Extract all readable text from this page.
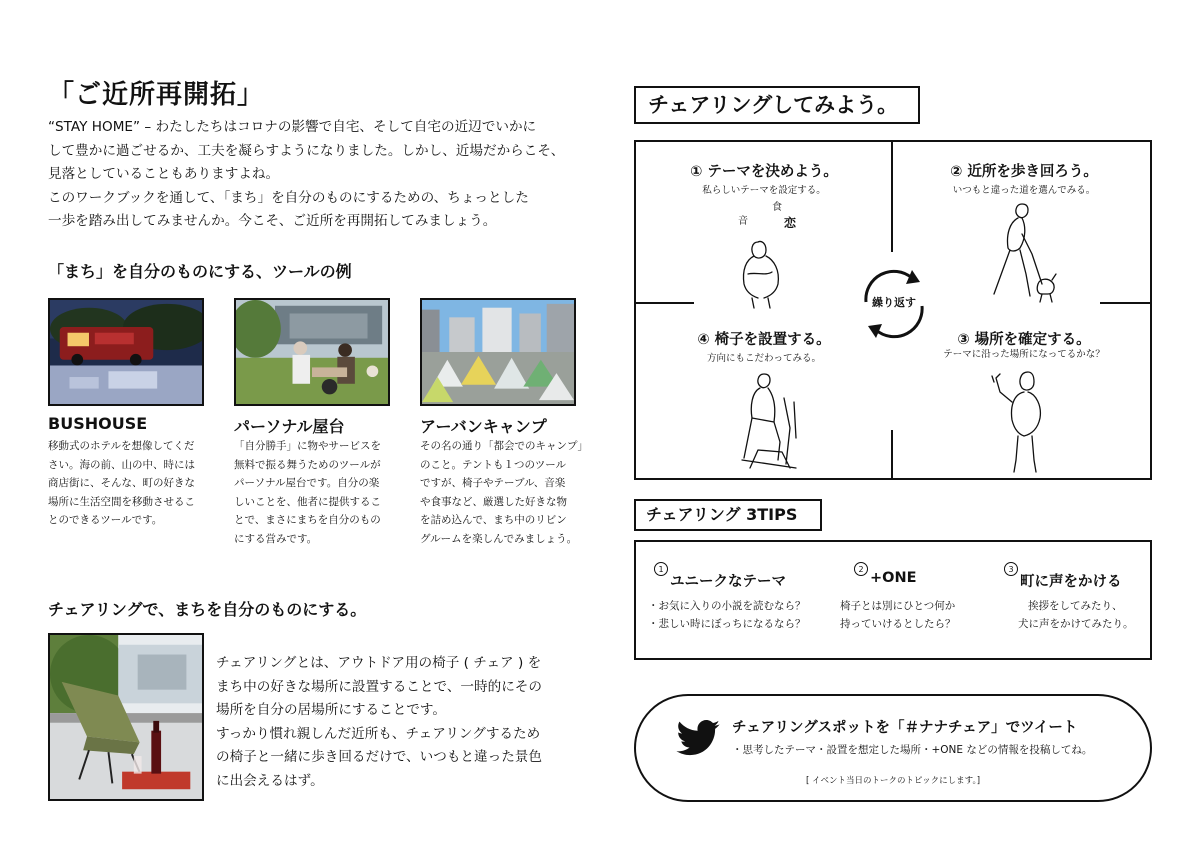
「ご近所再開拓」
“STAY HOME” – わたしたちはコロナの影響で自宅、そして自宅の近辺でいかに
して豊かに過ごせるか、工夫を凝らすようになりました。しかし、近場だからこそ、
見落としていることもありますよね。
このワークブックを通して、「まち」を自分のものにするための、ちょっとした
一歩を踏み出してみませんか。今こそ、ご近所を再開拓してみましょう。
「まち」を自分のものにする、ツールの例
BUSHOUSE
移動式のホテルを想像してくだ
さい。海の前、山の中、時には
商店街に、そんな、町の好きな
場所に生活空間を移動させるこ
とのできるツールです。
パーソナル屋台
「自分勝手」に物やサービスを
無料で振る舞うためのツールが
パーソナル屋台です。自分の楽
しいことを、他者に提供するこ
とで、まさにまちを自分のもの
にする営みです。
アーバンキャンプ
その名の通り「都会でのキャンプ」
のこと。テントも１つのツール
ですが、椅子やテーブル、音楽
や食事など、厳選した好きな物
を詰め込んで、まち中のリビン
グルームを楽しんでみましょう。
チェアリングで、まちを自分のものにする。
チェアリングとは、アウトドア用の椅子 ( チェア ) を
まち中の好きな場所に設置することで、一時的にその
場所を自分の居場所にすることです。
すっかり慣れ親しんだ近所も、チェアリングするため
の椅子と一緒に歩き回るだけで、いつもと違った景色
に出会えるはず。
チェアリングしてみよう。
① テーマを決めよう。
私らしいテーマを設定する。
② 近所を歩き回ろう。
いつもと違った道を選んでみる。
④ 椅子を設置する。
方向にもこだわってみる。
③ 場所を確定する。
テーマに沿った場所になってるかな？
食
音	恋
繰り返す
チェアリング 3TIPS
1
ユニークなテーマ
・お気に入りの小説を読むなら？
・悲しい時にぼっちになるなら？
2
+ONE
椅子とは別にひとつ何か
持っていけるとしたら？
3
町に声をかける
挨拶をしてみたり、
犬に声をかけてみたり。
チェアリングスポットを「＃ナナチェア」でツイート
・思考したテーマ・設置を想定した場所・+ONE などの情報を投稿してね。
[ イベント当日のトークのトピックにします。]
